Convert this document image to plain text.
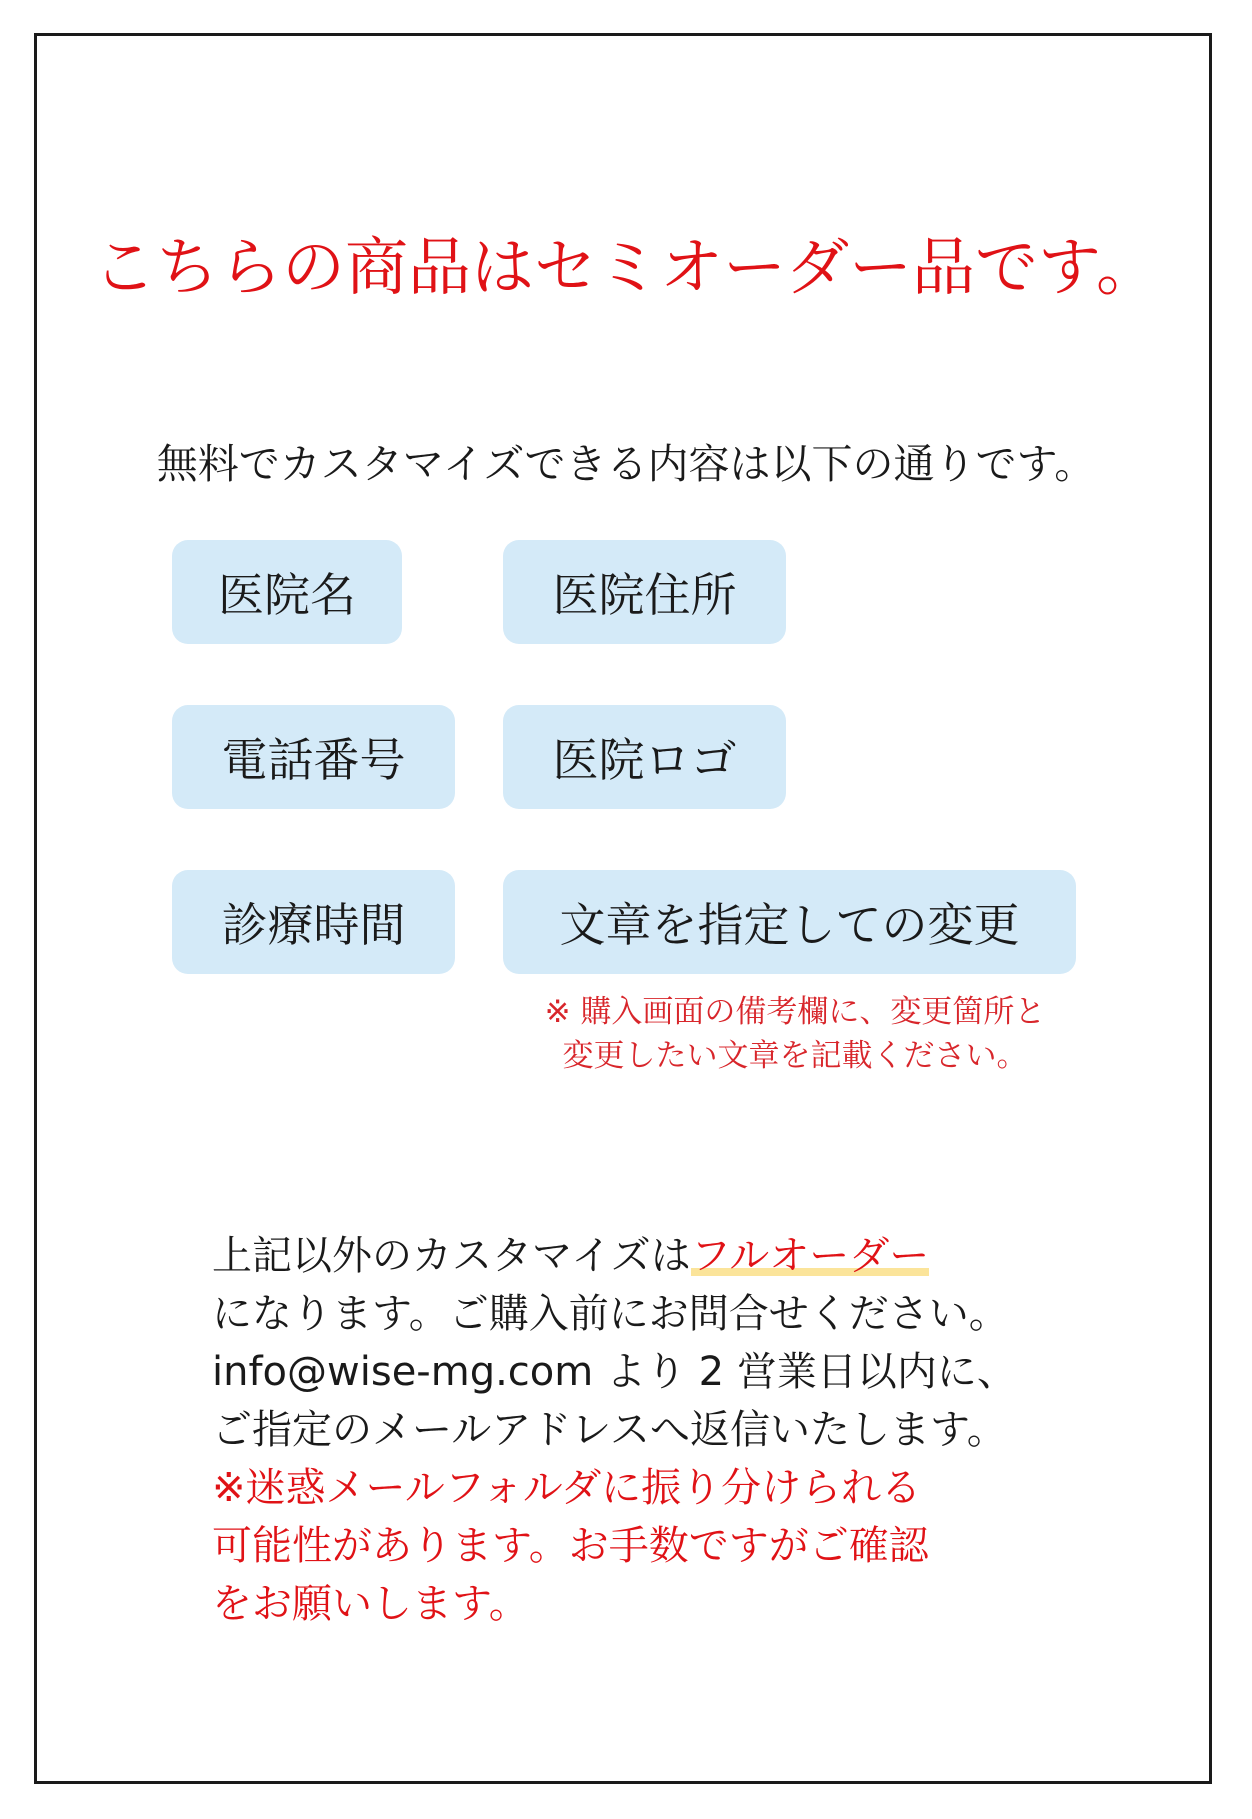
こちらの商品はセミオーダー品です。
無料でカスタマイズできる内容は以下の通りです。
医院名	医院住所
電話番号	医院ロゴ
診療時間	文章を指定しての変更
※ 購入画面の備考欄に、変更箇所と
変更したい文章を記載ください。
上記以外のカスタマイズはフルオーダー
になります。ご購入前にお問合せください。
info@wise-mg.com より 2 営業日以内に、
ご指定のメールアドレスへ返信いたします。
※迷惑メールフォルダに振り分けられる
可能性があります。お手数ですがご確認
をお願いします。
